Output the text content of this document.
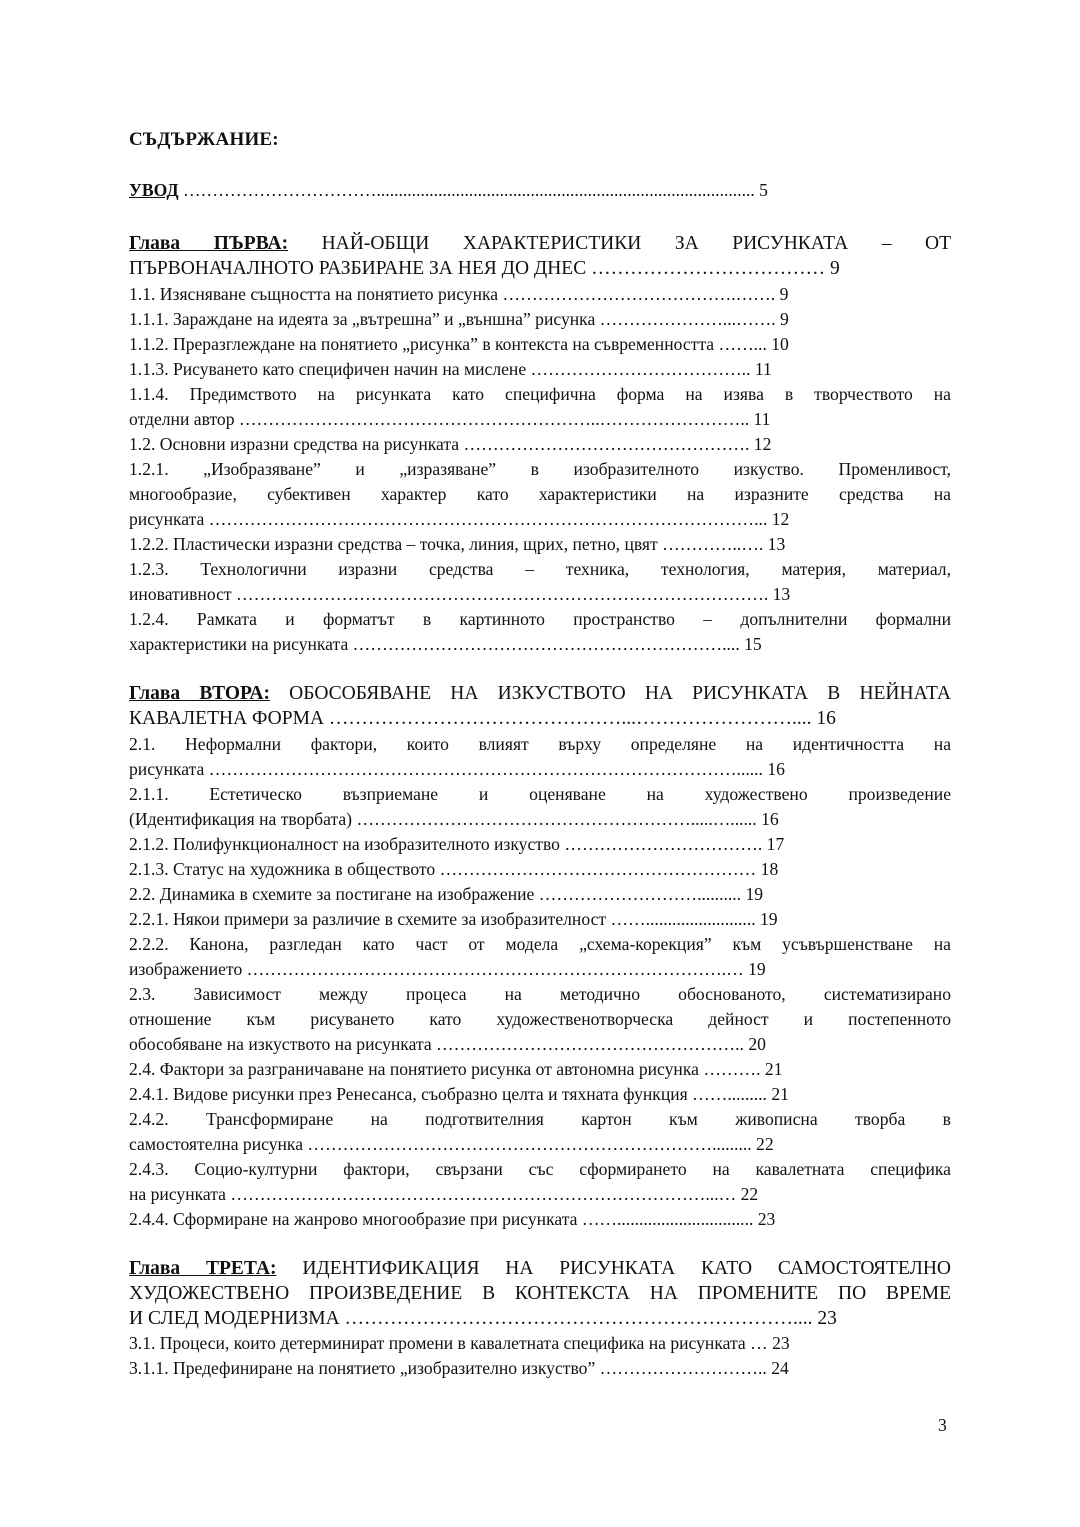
СЪДЪРЖАНИЕ:
УВОД ……………………………...................................................................................... 5
Глава ПЪРВА: НАЙ-ОБЩИ ХАРАКТЕРИСТИКИ ЗА РИСУНКАТА – ОТ
ПЪРВОНАЧАЛНОТО РАЗБИРАНЕ ЗА НЕЯ ДО ДНЕС ……………………………… 9
1.1. Изясняване същността на понятието рисунка ………………………………….……. 9
1.1.1. Зараждане на идеята за „вътрешна” и „външна” рисунка …………………...……. 9
1.1.2. Преразглеждане на понятието „рисунка” в контекста на съвременността ……... 10
1.1.3. Рисуването като специфичен начин на мислене ……………………………….. 11
1.1.4. Предимството на рисунката като специфична форма на изява в творчеството на
отделни автор ……………………………………………………..…………………….. 11
1.2. Основни изразни средства на рисунката …………………………………………. 12
1.2.1. „Изобразяване” и „изразяване” в изобразителното изкуство. Променливост,
многообразие, субективен характер като характеристики на изразните средства на
рисунката …………………………………………………………………………………... 12
1.2.2. Пластически изразни средства – точка, линия, щрих, петно, цвят …………..…. 13
1.2.3. Технологични изразни средства – техника, технология, материя, материал,
иновативност ………………………………………………………………………………. 13
1.2.4. Рамката и форматът в картинното пространство – допълнителни формални
характеристики на рисунката ……………………………………………………….... 15
Глава ВТОРА: ОБОСОБЯВАНЕ НА ИЗКУСТВОТО НА РИСУНКАТА В НЕЙНАТА
КАВАЛЕТНА ФОРМА ………………………………………...…………………….... 16
2.1. Неформални фактори, които влияят върху определяне на идентичността на
рисунката ………………………………………………………………………………...... 16
2.1.1. Естетическо възприемане и оценяване на художествено произведение
(Идентификация на творбата) ………………………………………………….....…...... 16
2.1.2. Полифункционалност на изобразителното изкуство ……………………………. 17
2.1.3. Статус на художника в обществото ……………………………………………… 18
2.2. Динамика в схемите за постигане на изображение ……………………….......... 19
2.2.1. Някои примери за различие в схемите за изобразителност ……......................... 19
2.2.2. Канона, разгледан като част от модела „схема-корекция” към усъвършенстване на
изображението ……………………………………………………………………….… 19
2.3. Зависимост между процеса на методично обоснованото, систематизирано
отношение към рисуването като художественотворческа дейност и постепенното
обособяване на изкуството на рисунката …………………………………………….. 20
2.4. Фактори за разграничаване на понятието рисунка от автономна рисунка ………. 21
2.4.1. Видове рисунки през Ренесанса, съобразно целта и тяхната функция ……......... 21
2.4.2. Трансформиране на подготвителния картон към живописна творба в
самостоятелна рисунка ……………………………………………………………......... 22
2.4.3. Социо-културни фактори, свързани със сформирането на кавалетната специфика
на рисунката ………………………………………………………………………...… 22
2.4.4. Сформиране на жанрово многообразие при рисунката ……............................... 23
Глава ТРЕТА: ИДЕНТИФИКАЦИЯ НА РИСУНКАТА КАТО САМОСТОЯТЕЛНО
ХУДОЖЕСТВЕНО ПРОИЗВЕДЕНИЕ В КОНТЕКСТА НА ПРОМЕНИТЕ ПО ВРЕМЕ
И СЛЕД МОДЕРНИЗМА …………………………………………………………….... 23
3.1. Процеси, които детерминират промени в кавалетната специфика на рисунката … 23
3.1.1. Предефиниране на понятието „изобразително изкуство” ……………………….. 24
3
